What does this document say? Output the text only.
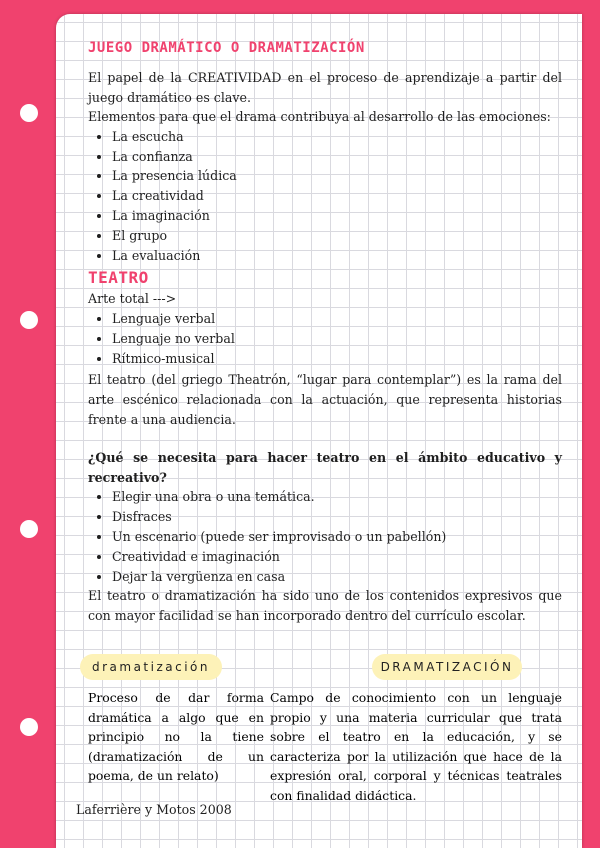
JUEGO DRAMÁTICO O DRAMATIZACIÓN

El papel de la CREATIVIDAD en el proceso de aprendizaje a partir del juego dramático es clave.
Elementos para que el drama contribuya al desarrollo de las emociones:

• La escucha
• La confianza
• La presencia lúdica
• La creatividad
• La imaginación
• El grupo
• La evaluación
TEATRO

Arte total --->

• Lenguaje verbal
• Lenguaje no verbal
• Rítmico-musical

El teatro (del griego Theatrón, “lugar para contemplar”) es la rama del arte escénico relacionada con la actuación, que representa historias frente a una audiencia.

¿Qué se necesita para hacer teatro en el ámbito educativo y recreativo?

• Elegir una obra o una temática.
• Disfraces
• Un escenario (puede ser improvisado o un pabellón)
• Creatividad e imaginación
• Dejar la vergüenza en casa

El teatro o dramatización ha sido uno de los contenidos expresivos que con mayor facilidad se han incorporado dentro del currículo escolar.

dramatización	DRAMATIZACIÓN

Proceso de dar forma dramática a algo que en principio no la tiene (dramatización de un poema, de un relato)

Campo de conocimiento con un lenguaje propio y una materia curricular que trata sobre el teatro en la educación, y se caracteriza por la utilización que hace de la expresión oral, corporal y técnicas teatrales con finalidad didáctica.

Laferrière y Motos 2008
